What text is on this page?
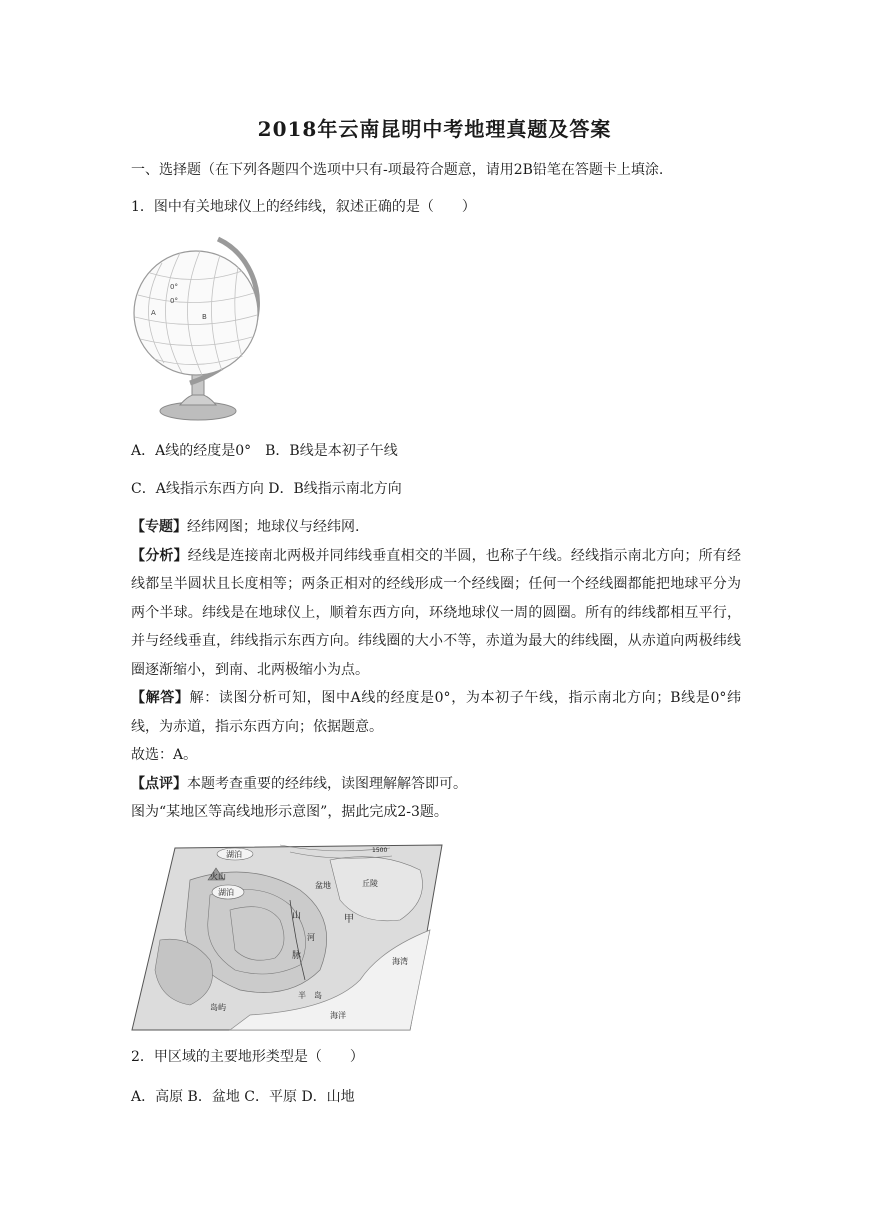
2018年云南昆明中考地理真题及答案
一、选择题（在下列各题四个选项中只有-项最符合题意，请用2B铅笔在答题卡上填涂.
1．图中有关地球仪上的经纬线，叙述正确的是（　　）
0°
0°
A	B
A．A线的经度是0°　B．B线是本初子午线
C．A线指示东西方向 D．B线指示南北方向

【专题】经纬网图；地球仪与经纬网.

【分析】经线是连接南北两极并同纬线垂直相交的半圆，也称子午线。经线指示南北方向；所有经线都呈半圆状且长度相等；两条正相对的经线形成一个经线圈；任何一个经线圈都能把地球平分为两个半球。纬线是在地球仪上，顺着东西方向，环绕地球仪一周的圆圈。所有的纬线都相互平行，并与经线垂直，纬线指示东西方向。纬线圈的大小不等，赤道为最大的纬线圈，从赤道向两极纬线圈逐渐缩小，到南、北两极缩小为点。

【解答】解：读图分析可知，图中A线的经度是0°，为本初子午线，指示南北方向；B线是0°纬线，为赤道，指示东西方向；依据题意。

故选：A。

【点评】本题考查重要的经纬线，读图理解解答即可。

图为“某地区等高线地形示意图”，据此完成2-3题。

湖泊
火山
湖泊
盆地	丘陵
1500
山
脉
甲
河
半 岛
岛屿
海洋
海湾
2．甲区域的主要地形类型是（　　）
A．高原 B．盆地 C．平原 D．山地
